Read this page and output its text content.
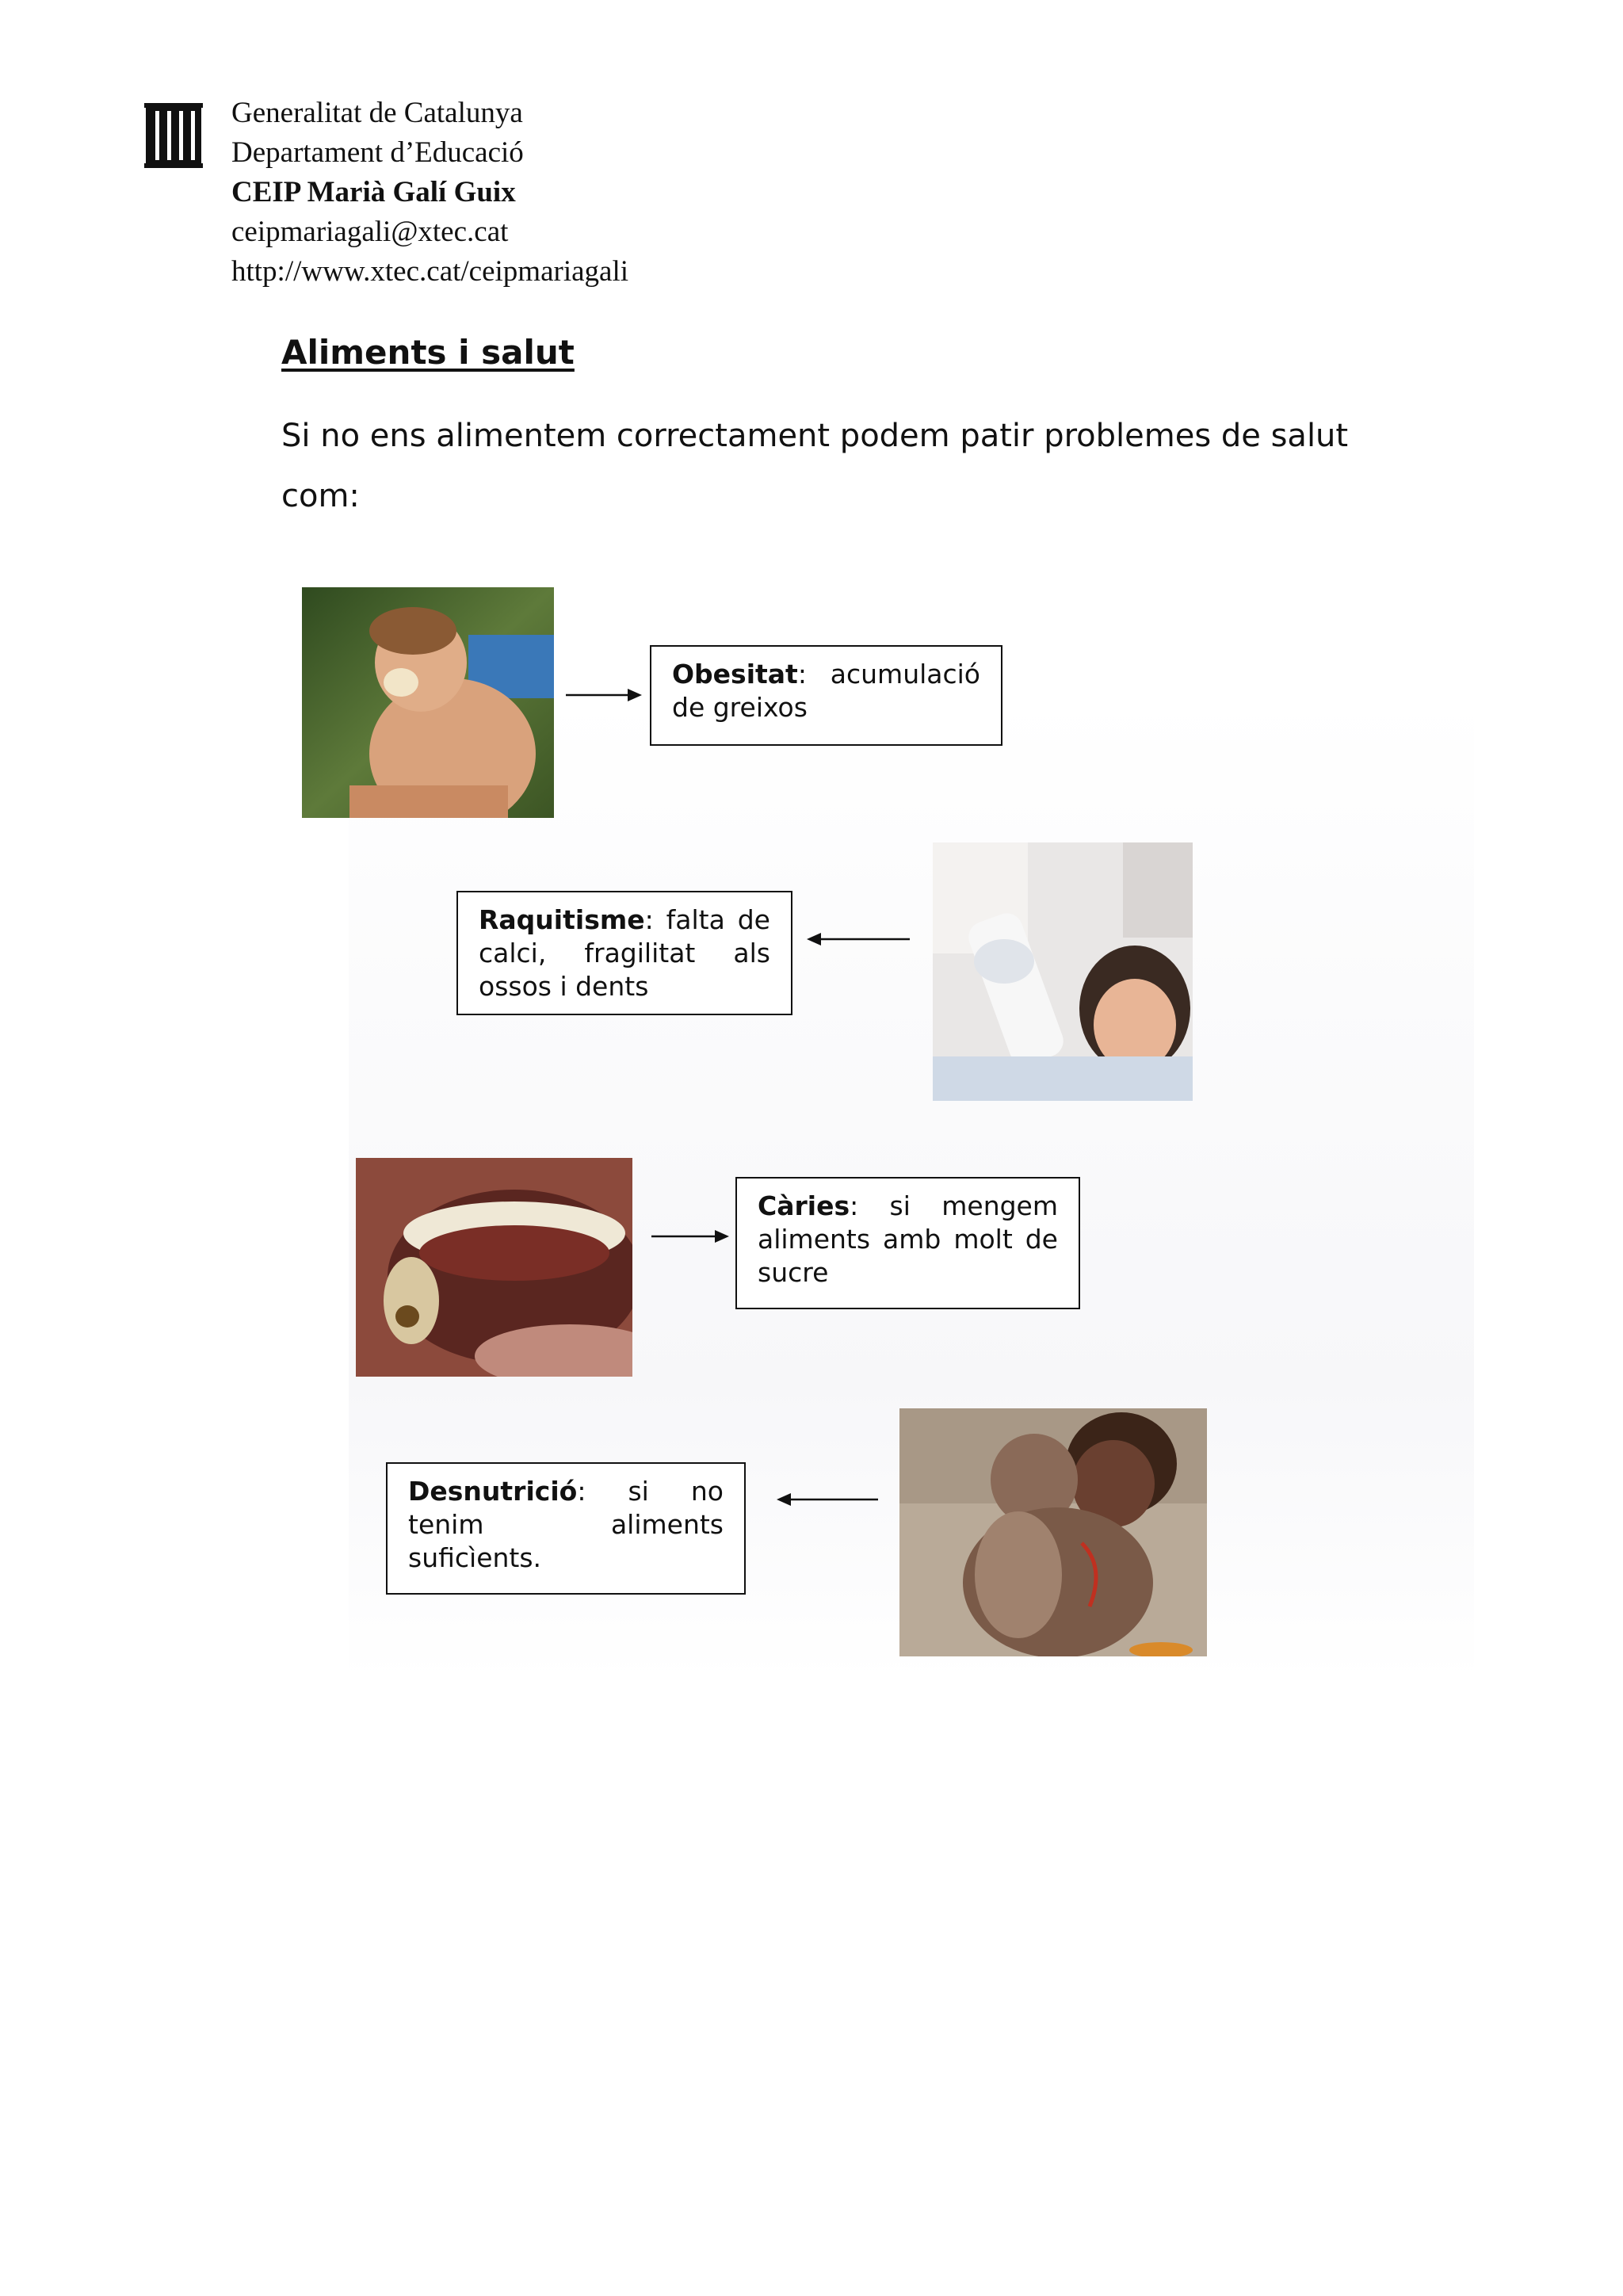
Generalitat de Catalunya
Departament d’Educació
CEIP Marià Galí Guix
ceipmariagali@xtec.cat
http://www.xtec.cat/ceipmariagali
Aliments i salut
Si no ens alimentem correctament podem patir problemes de salut com:
Obesitat: acumulació de greixos
Raquitisme: falta de calci, fragilitat als ossos i dents
Càries: si mengem aliments amb molt de sucre
Desnutrició: si no tenim aliments suficìents.
